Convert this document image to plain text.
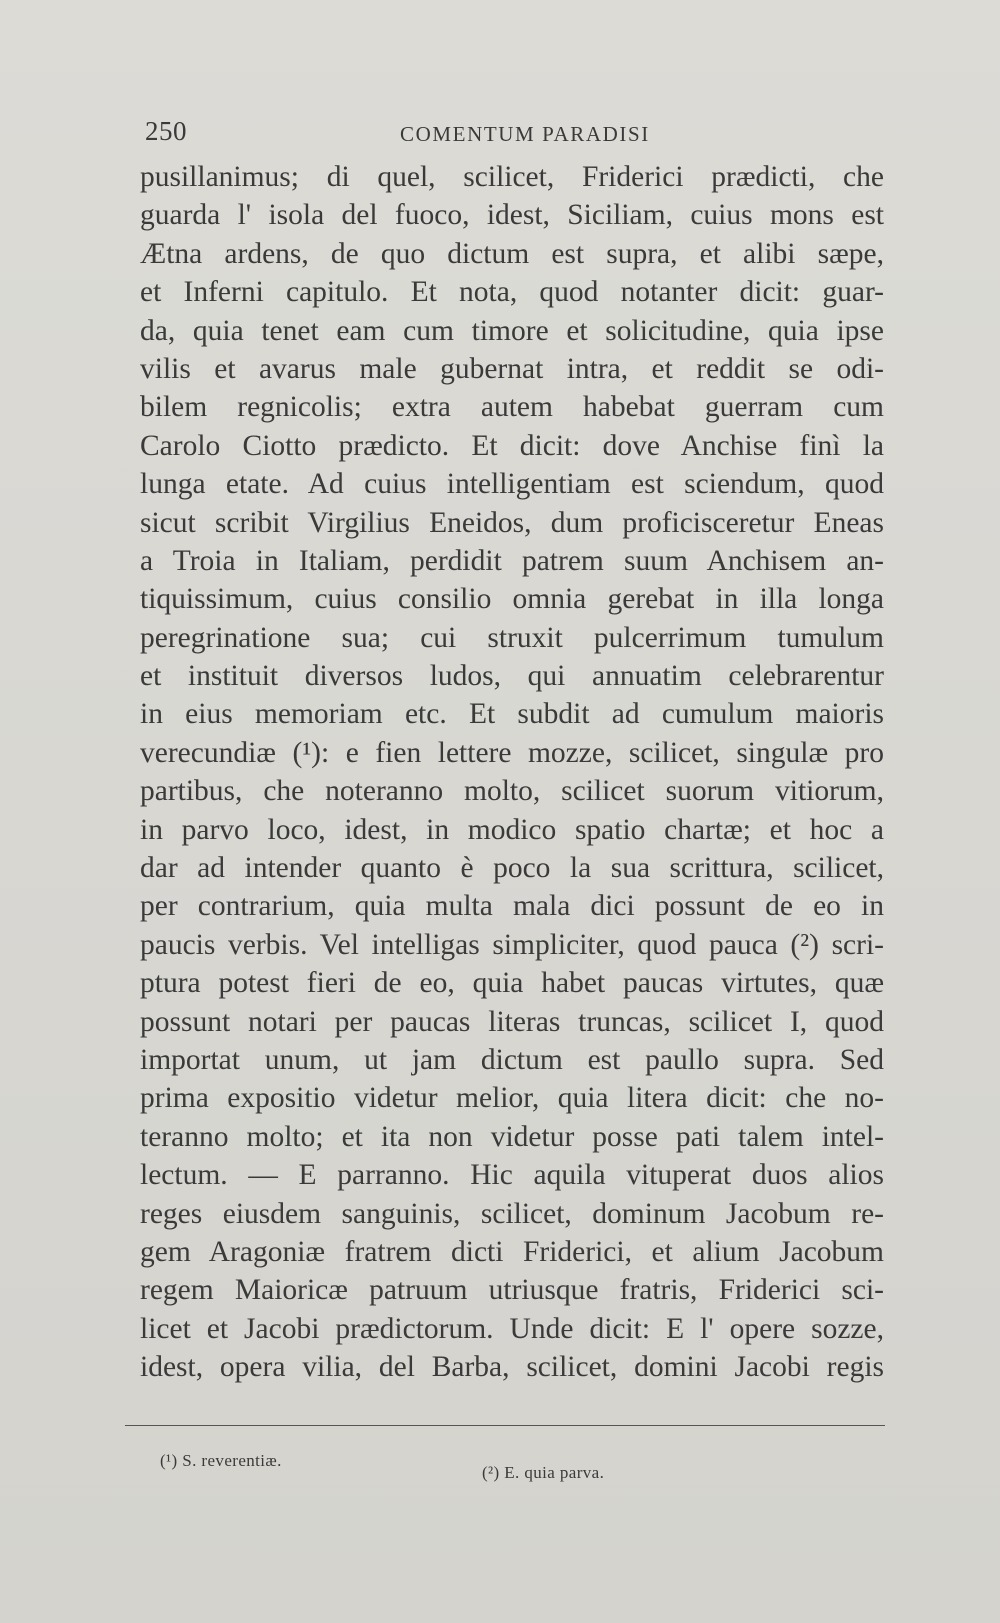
250	COMENTUM PARADISI
pusillanimus; di quel, scilicet, Friderici prædicti, che
guarda l' isola del fuoco, idest, Siciliam, cuius mons est
Ætna ardens, de quo dictum est supra, et alibi sæpe,
et Inferni capitulo. Et nota, quod notanter dicit: guar-
da, quia tenet eam cum timore et solicitudine, quia ipse
vilis et avarus male gubernat intra, et reddit se odi-
bilem regnicolis; extra autem habebat guerram cum
Carolo Ciotto prædicto. Et dicit: dove Anchise finì la
lunga etate. Ad cuius intelligentiam est sciendum, quod
sicut scribit Virgilius Eneidos, dum proficisceretur Eneas
a Troia in Italiam, perdidit patrem suum Anchisem an-
tiquissimum, cuius consilio omnia gerebat in illa longa
peregrinatione sua; cui struxit pulcerrimum tumulum
et instituit diversos ludos, qui annuatim celebrarentur
in eius memoriam etc. Et subdit ad cumulum maioris
verecundiæ (¹): e fien lettere mozze, scilicet, singulæ pro
partibus, che noteranno molto, scilicet suorum vitiorum,
in parvo loco, idest, in modico spatio chartæ; et hoc a
dar ad intender quanto è poco la sua scrittura, scilicet,
per contrarium, quia multa mala dici possunt de eo in
paucis verbis. Vel intelligas simpliciter, quod pauca (²) scri-
ptura potest fieri de eo, quia habet paucas virtutes, quæ
possunt notari per paucas literas truncas, scilicet I, quod
importat unum, ut jam dictum est paullo supra. Sed
prima expositio videtur melior, quia litera dicit: che no-
teranno molto; et ita non videtur posse pati talem intel-
lectum. — E parranno. Hic aquila vituperat duos alios
reges eiusdem sanguinis, scilicet, dominum Jacobum re-
gem Aragoniæ fratrem dicti Friderici, et alium Jacobum
regem Maioricæ patruum utriusque fratris, Friderici sci-
licet et Jacobi prædictorum. Unde dicit: E l' opere sozze,
idest, opera vilia, del Barba, scilicet, domini Jacobi regis
(¹) S. reverentiæ.
(²) E. quia parva.
